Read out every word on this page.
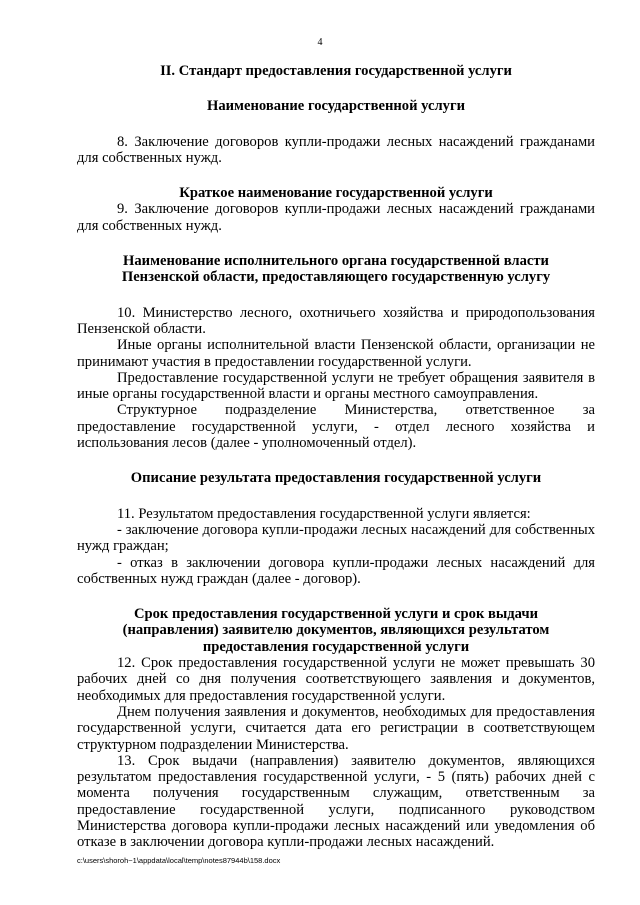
4

II. Стандарт предоставления государственной услуги

Наименование государственной услуги

8. Заключение договоров купли-продажи лесных насаждений гражданами для собственных нужд.

Краткое наименование государственной услуги

9. Заключение договоров купли-продажи лесных насаждений гражданами для собственных нужд.

Наименование исполнительного органа государственной власти

Пензенской области, предоставляющего государственную услугу

10. Министерство лесного, охотничьего хозяйства и природопользования Пензенской области.

Иные органы исполнительной власти Пензенской области, организации не принимают участия в предоставлении государственной услуги.

Предоставление государственной услуги не требует обращения заявителя в иные органы государственной власти и органы местного самоуправления.

Структурное подразделение Министерства, ответственное за предоставление государственной услуги, - отдел лесного хозяйства и использования лесов (далее - уполномоченный отдел).

Описание результата предоставления государственной услуги

11. Результатом предоставления государственной услуги является:

- заключение договора купли-продажи лесных насаждений для собственных нужд граждан;

- отказ в заключении договора купли-продажи лесных насаждений для собственных нужд граждан (далее - договор).

Срок предоставления государственной услуги и срок выдачи

(направления) заявителю документов, являющихся результатом

предоставления государственной услуги

12. Срок предоставления государственной услуги не может превышать 30 рабочих дней со дня получения соответствующего заявления и документов, необходимых для предоставления государственной услуги.

Днем получения заявления и документов, необходимых для предоставления государственной услуги, считается дата его регистрации в соответствующем структурном подразделении Министерства.

13. Срок выдачи (направления) заявителю документов, являющихся результатом предоставления государственной услуги, - 5 (пять) рабочих дней с момента получения государственным служащим, ответственным за предоставление государственной услуги, подписанного руководством Министерства договора купли-продажи лесных насаждений или уведомления об отказе в заключении договора купли-продажи лесных насаждений.

c:\users\shoroh~1\appdata\local\temp\notes87944b\158.docx
